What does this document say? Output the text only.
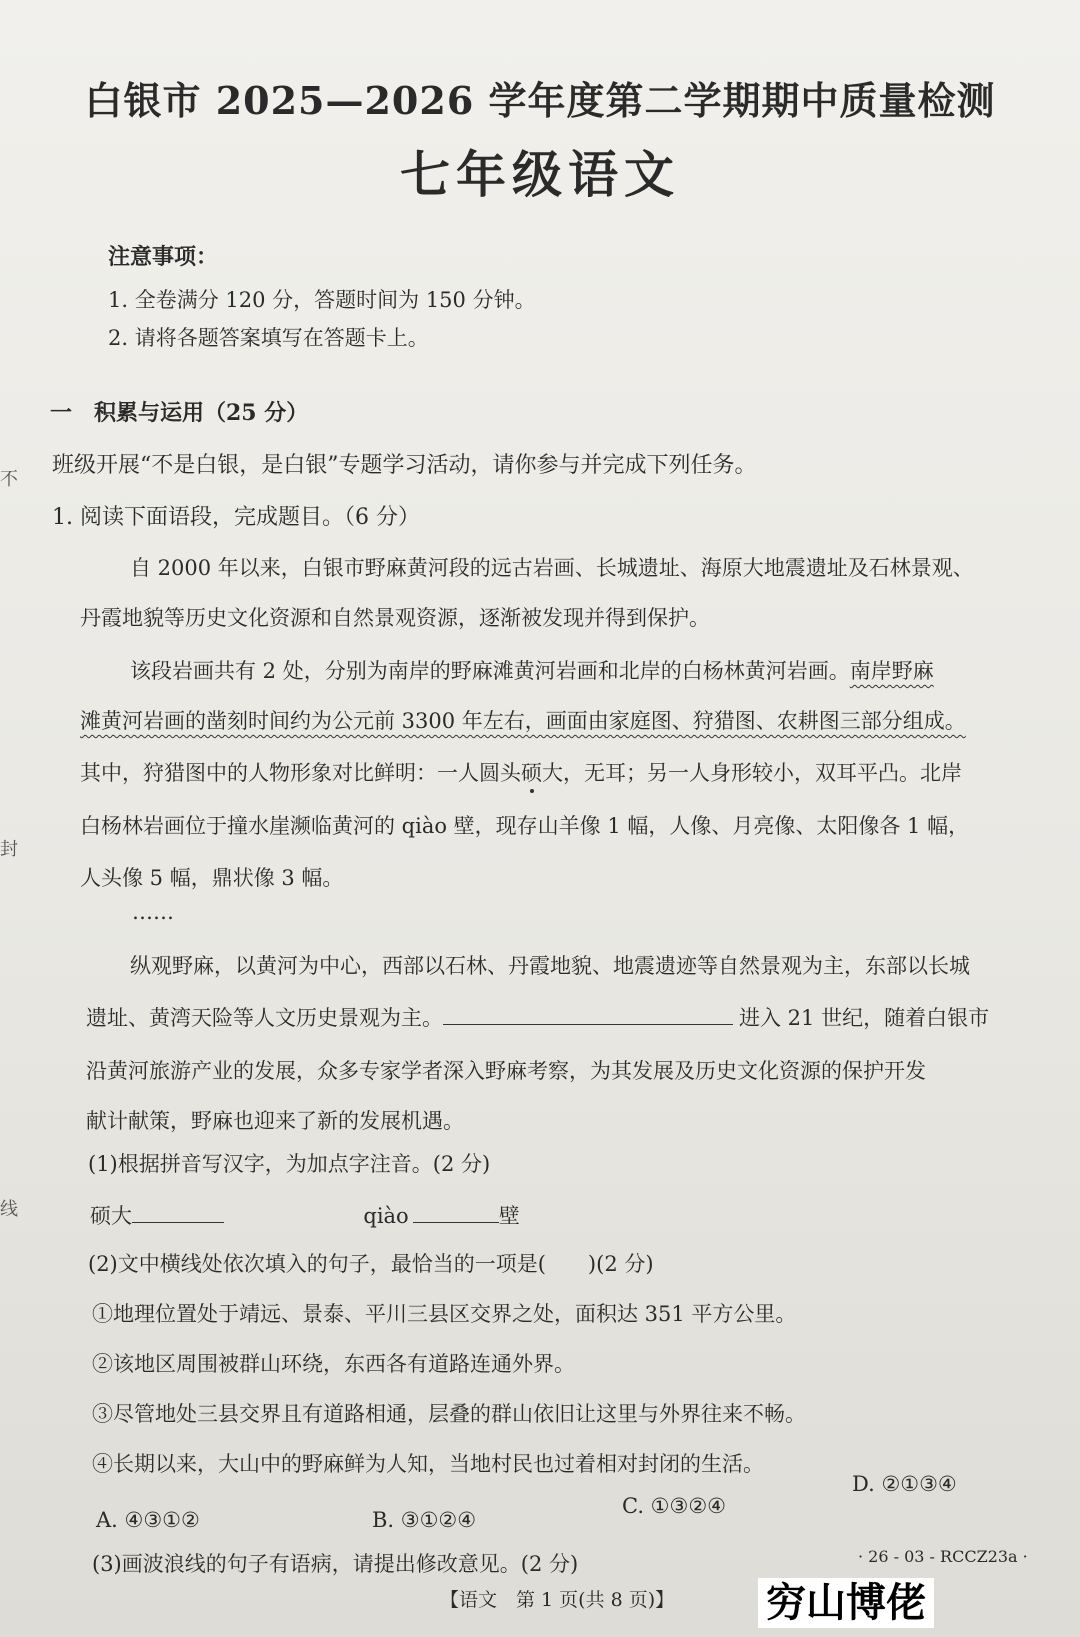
不
封
线
白银市 2025—2026 学年度第二学期期中质量检测
七年级语文
注意事项：
1. 全卷满分 120 分，答题时间为 150 分钟。
2. 请将各题答案填写在答题卡上。
一　积累与运用（25 分）
班级开展“不是白银，是白银”专题学习活动，请你参与并完成下列任务。
1. 阅读下面语段，完成题目。（6 分）
自 2000 年以来，白银市野麻黄河段的远古岩画、长城遗址、海原大地震遗址及石林景观、
丹霞地貌等历史文化资源和自然景观资源，逐渐被发现并得到保护。
该段岩画共有 2 处，分别为南岸的野麻滩黄河岩画和北岸的白杨林黄河岩画。南岸野麻
滩黄河岩画的凿刻时间约为公元前 3300 年左右，画面由家庭图、狩猎图、农耕图三部分组成。
其中，狩猎图中的人物形象对比鲜明：一人圆头硕大，无耳；另一人身形较小，双耳平凸。北岸
白杨林岩画位于撞水崖濒临黄河的 qiào 壁，现存山羊像 1 幅，人像、月亮像、太阳像各 1 幅，
人头像 5 幅，鼎状像 3 幅。
……
纵观野麻，以黄河为中心，西部以石林、丹霞地貌、地震遗迹等自然景观为主，东部以长城
遗址、黄湾天险等人文历史景观为主。	进入 21 世纪，随着白银市
沿黄河旅游产业的发展，众多专家学者深入野麻考察，为其发展及历史文化资源的保护开发
献计献策，野麻也迎来了新的发展机遇。
(1)根据拼音写汉字，为加点字注音。(2 分)
硕大	qiào	壁
(2)文中横线处依次填入的句子，最恰当的一项是(　　)(2 分)
①地理位置处于靖远、景泰、平川三县区交界之处，面积达 351 平方公里。
②该地区周围被群山环绕，东西各有道路连通外界。
③尽管地处三县交界且有道路相通，层叠的群山依旧让这里与外界往来不畅。
④长期以来，大山中的野麻鲜为人知，当地村民也过着相对封闭的生活。
D. ②①③④
A. ④③①②	B. ③①②④
C. ①③②④
(3)画波浪线的句子有语病，请提出修改意见。(2 分)	· 26 - 03 - RCCZ23a ·
【语文　第 1 页(共 8 页)】 穷山博佬
